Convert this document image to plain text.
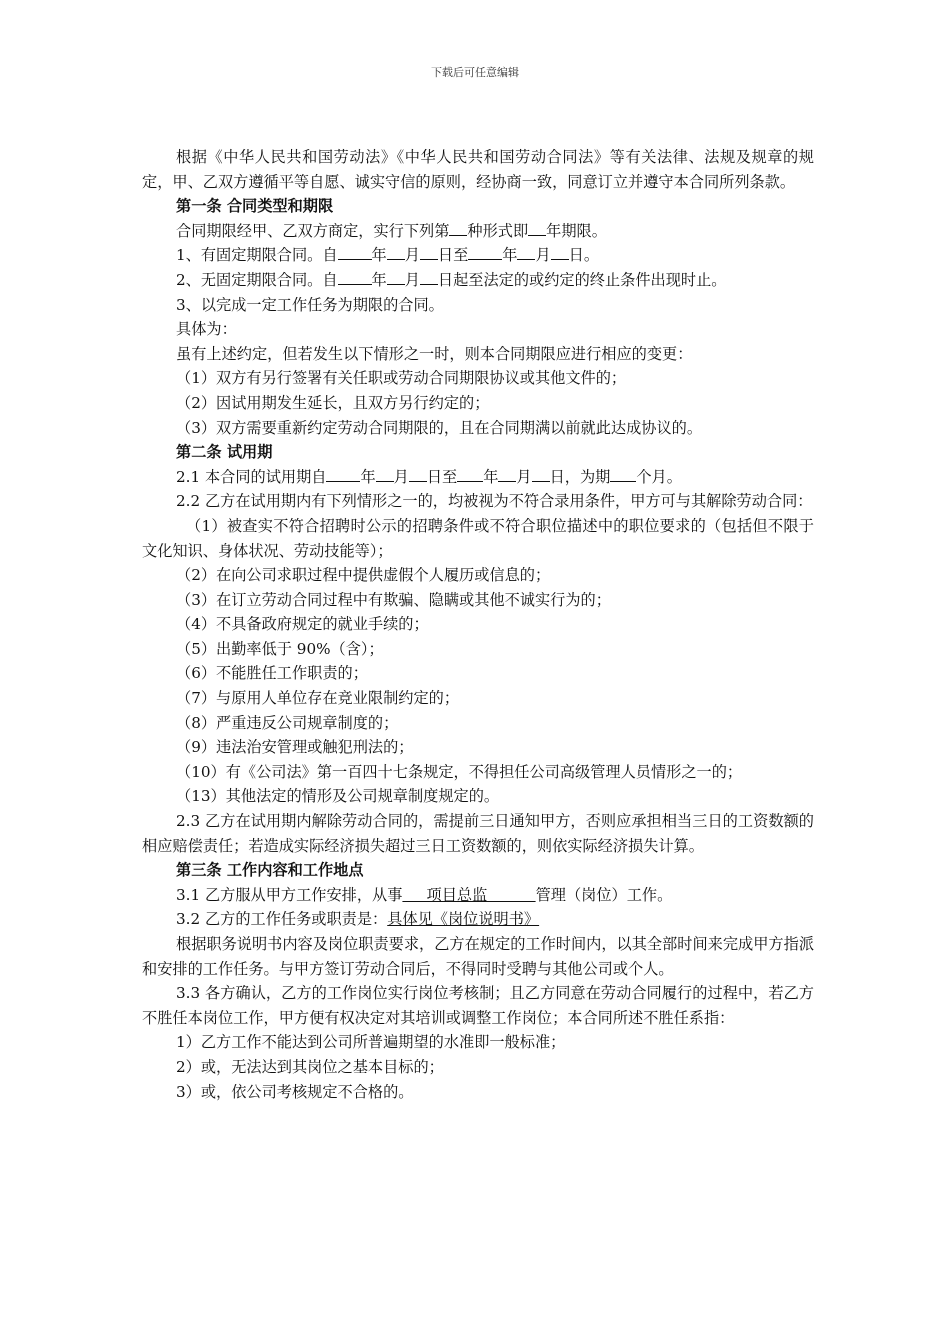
下载后可任意编辑

根据《中华人民共和国劳动法》《中华人民共和国劳动合同法》等有关法律、法规及规章的规定，甲、乙双方遵循平等自愿、诚实守信的原则，经协商一致，同意订立并遵守本合同所列条款。

第一条 合同类型和期限

合同期限经甲、乙双方商定，实行下列第 种形式即 年期限。

1、有固定期限合同。自 年 月 日至 年 月 日。

2、无固定期限合同。自 年 月 日起至法定的或约定的终止条件出现时止。

3、以完成一定工作任务为期限的合同。

具体为：

虽有上述约定，但若发生以下情形之一时，则本合同期限应进行相应的变更：

（1）双方有另行签署有关任职或劳动合同期限协议或其他文件的；

（2）因试用期发生延长，且双方另行约定的；

（3）双方需要重新约定劳动合同期限的，且在合同期满以前就此达成协议的。

第二条 试用期

2.1 本合同的试用期自 年 月 日至 年 月 日，为期 个月。

2.2 乙方在试用期内有下列情形之一的，均被视为不符合录用条件，甲方可与其解除劳动合同：

（1）被查实不符合招聘时公示的招聘条件或不符合职位描述中的职位要求的（包括但不限于文化知识、身体状况、劳动技能等）；

（2）在向公司求职过程中提供虚假个人履历或信息的；

（3）在订立劳动合同过程中有欺骗、隐瞒或其他不诚实行为的；

（4）不具备政府规定的就业手续的；

（5）出勤率低于 90%（含）；

（6）不能胜任工作职责的；

（7）与原用人单位存在竞业限制约定的；

（8）严重违反公司规章制度的；

（9）违法治安管理或触犯刑法的；

（10）有《公司法》第一百四十七条规定，不得担任公司高级管理人员情形之一的；

（13）其他法定的情形及公司规章制度规定的。

2.3 乙方在试用期内解除劳动合同的，需提前三日通知甲方，否则应承担相当三日的工资数额的相应赔偿责任；若造成实际经济损失超过三日工资数额的，则依实际经济损失计算。

第三条 工作内容和工作地点

3.1 乙方服从甲方工作安排，从事     项目总监          管理（岗位）工作。

3.2 乙方的工作任务或职责是：具体见《岗位说明书》

根据职务说明书内容及岗位职责要求，乙方在规定的工作时间内，以其全部时间来完成甲方指派和安排的工作任务。与甲方签订劳动合同后，不得同时受聘与其他公司或个人。

3.3 各方确认，乙方的工作岗位实行岗位考核制；且乙方同意在劳动合同履行的过程中，若乙方不胜任本岗位工作，甲方便有权决定对其培训或调整工作岗位；本合同所述不胜任系指：

1）乙方工作不能达到公司所普遍期望的水准即一般标准；

2）或，无法达到其岗位之基本目标的；

3）或，依公司考核规定不合格的。
